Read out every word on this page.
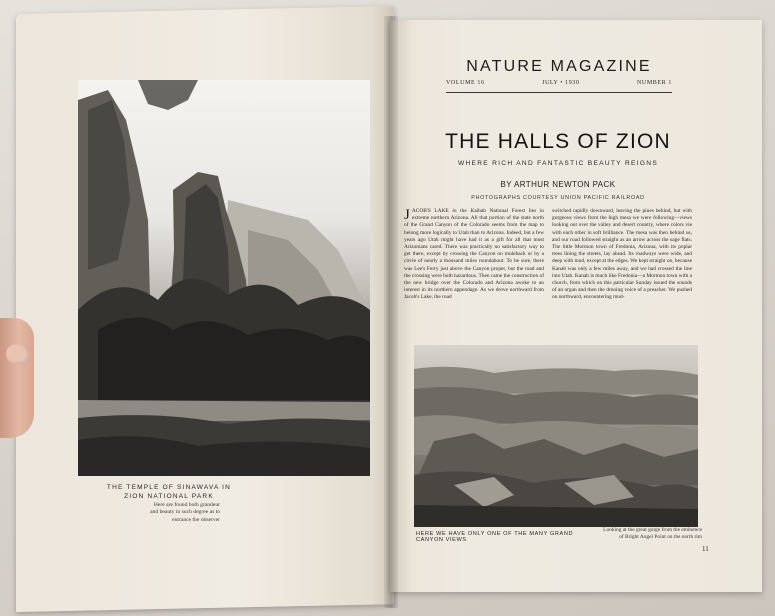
THE TEMPLE OF SINAWAVA IN ZION NATIONAL PARK
Here are found both grandeur and beauty in such degree as to entrance the observer
NATURE MAGAZINE
VOLUME 16	JULY • 1930	NUMBER 1
THE HALLS OF ZION
WHERE RICH AND FANTASTIC BEAUTY REIGNS
BY ARTHUR NEWTON PACK
PHOTOGRAPHS COURTESY UNION PACIFIC RAILROAD
JACOB'S LAKE in the Kaibab National Forest lies in extreme northern Arizona. All that portion of the state north of the Grand Canyon of the Colorado seems from the map to belong more logically to Utah than to Arizona. Indeed, but a few years ago Utah might have had it as a gift for all that most Arizonians cared. There was practically no satisfactory way to get there, except by crossing the Canyon on muleback or by a circle of nearly a thousand miles roundabout. To be sure, there was Lee's Ferry just above the Canyon proper, but the road and the crossing were both hazardous. Then came the construction of the new bridge over the Colorado and Arizona awoke to an interest in its northern appendage. As we drove northward from Jacob's Lake, the road
switched rapidly downward, leaving the pines behind, but with gorgeous views from the high mesa we were following—views looking out over the valley and desert country, where colors vie with each other in soft brilliance. The mesa was then behind us, and our road followed straight as an arrow across the sage flats. The little Mormon town of Fredonia, Arizona, with its poplar trees lining the streets, lay ahead. Its roadways were wide, and deep with mud, except at the edges. We kept straight on, because Kanab was only a few miles away, and we had crossed the line into Utah. Kanab is much like Fredonia—a Mormon town with a church, from which on this particular Sunday issued the sounds of an organ and then the droning voice of a preacher. We pushed on northward, encountering mud-
HERE WE HAVE ONLY ONE OF THE MANY GRAND CANYON VIEWS
Looking at the great gorge from the eminence of Bright Angel Point on the north rim
11
